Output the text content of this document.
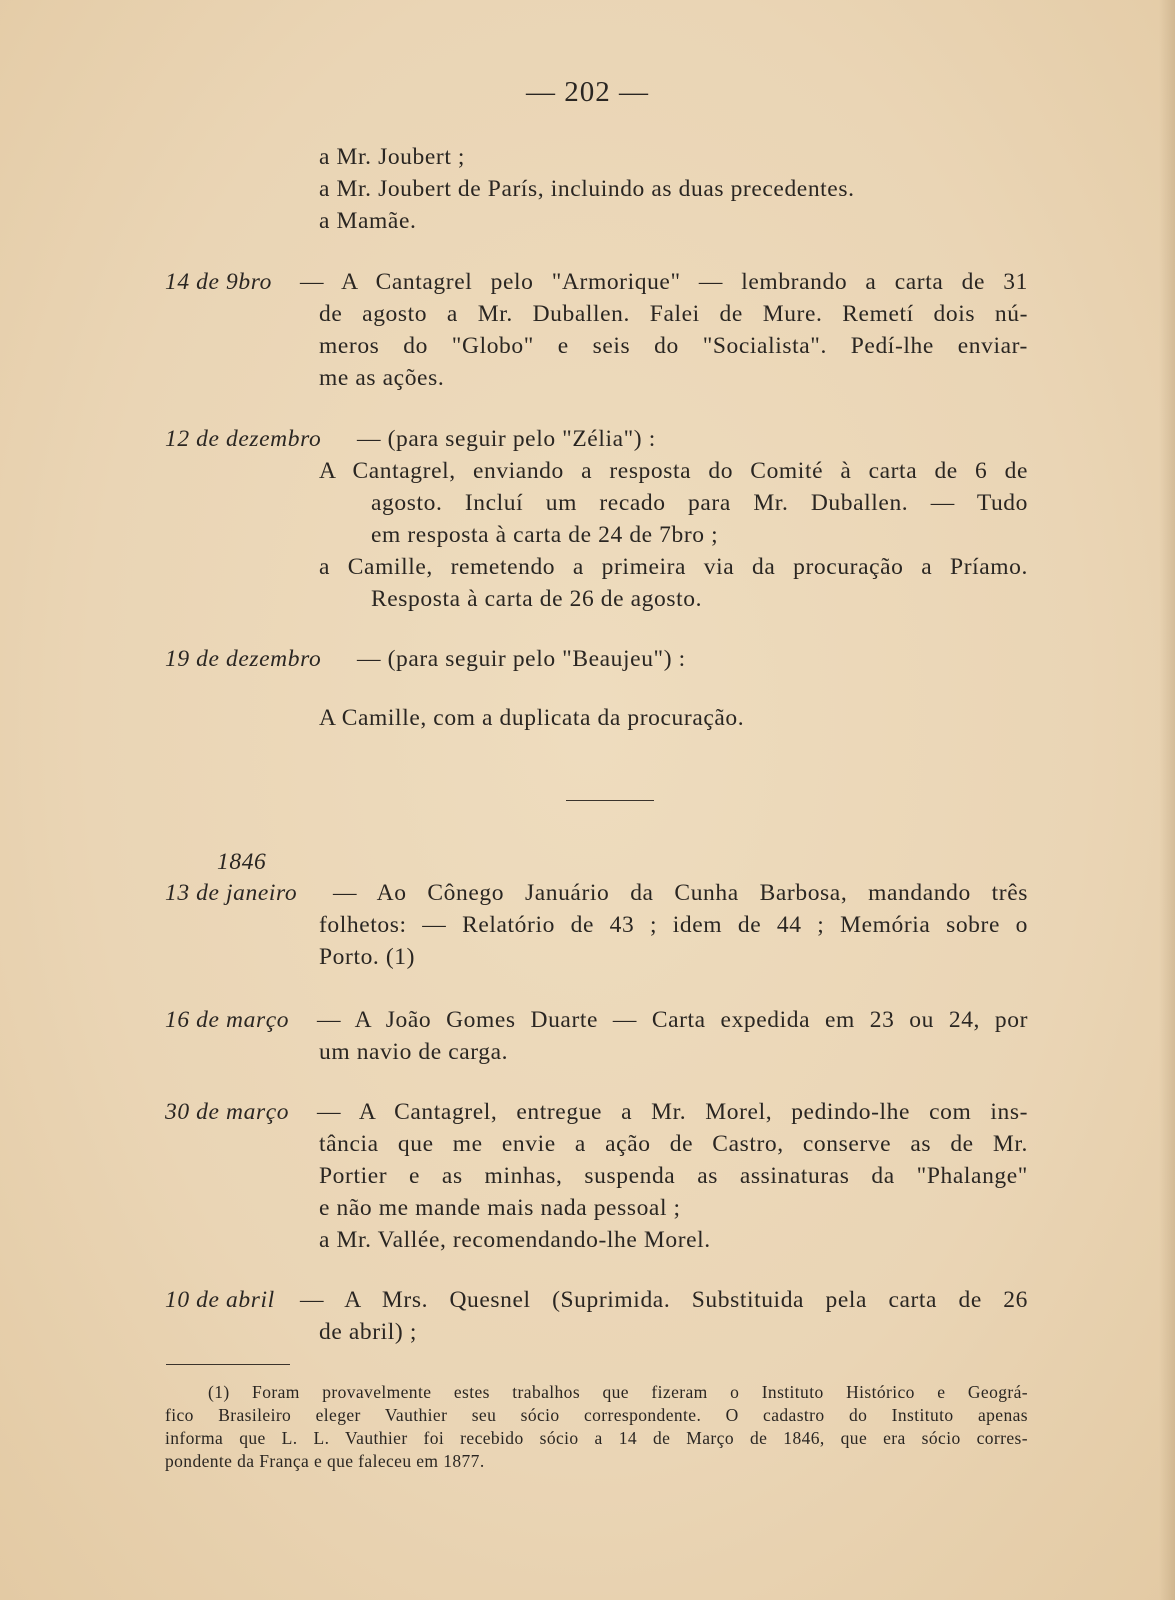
— 202 —
a Mr. Joubert ;
a Mr. Joubert de París, incluindo as duas precedentes.
a Mamãe.
14 de 9bro — A Cantagrel pelo "Armorique" — lembrando a carta de 31
de agosto a Mr. Duballen. Falei de Mure. Remetí dois nú-
meros do "Globo" e seis do "Socialista". Pedí-lhe enviar-
me as ações.
12 de dezembro — (para seguir pelo "Zélia") :
A Cantagrel, enviando a resposta do Comité à carta de 6 de
agosto. Incluí um recado para Mr. Duballen. — Tudo
em resposta à carta de 24 de 7bro ;
a Camille, remetendo a primeira via da procuração a Príamo.
Resposta à carta de 26 de agosto.
19 de dezembro — (para seguir pelo "Beaujeu") :
A Camille, com a duplicata da procuração.
1846
13 de janeiro — Ao Cônego Januário da Cunha Barbosa, mandando três
folhetos: — Relatório de 43 ; idem de 44 ; Memória sobre o
Porto. (1)
16 de março — A João Gomes Duarte — Carta expedida em 23 ou 24, por
um navio de carga.
30 de março — A Cantagrel, entregue a Mr. Morel, pedindo-lhe com ins-
tância que me envie a ação de Castro, conserve as de Mr.
Portier e as minhas, suspenda as assinaturas da "Phalange"
e não me mande mais nada pessoal ;
a Mr. Vallée, recomendando-lhe Morel.
10 de abril — A Mrs. Quesnel (Suprimida. Substituida pela carta de 26
de abril) ;
(1) Foram provavelmente estes trabalhos que fizeram o Instituto Histórico e Geográ-
fico Brasileiro eleger Vauthier seu sócio correspondente. O cadastro do Instituto apenas
informa que L. L. Vauthier foi recebido sócio a 14 de Março de 1846, que era sócio corres-
pondente da França e que faleceu em 1877.
